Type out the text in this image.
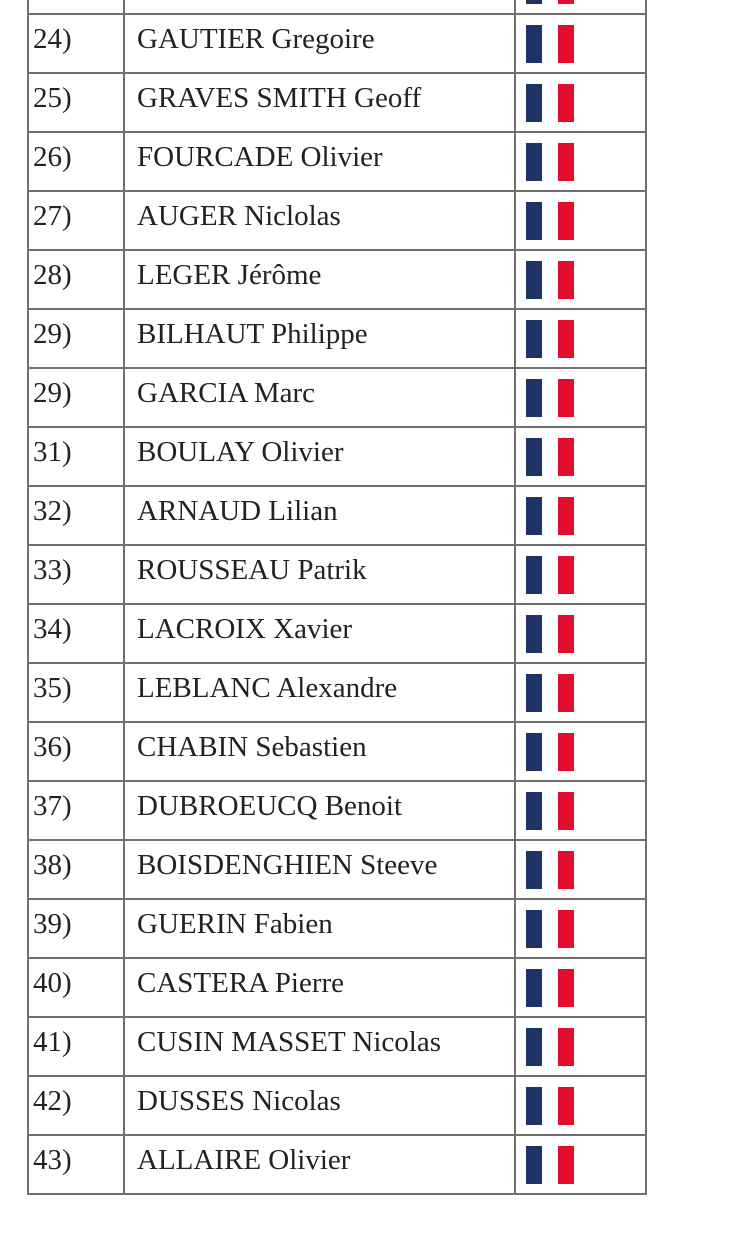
24)	GAUTIER Gregoire	

25)	GRAVES SMITH Geoff	

26)	FOURCADE Olivier	

27)	AUGER Niclolas	

28)	LEGER Jérôme	

29)	BILHAUT Philippe	

29)	GARCIA Marc	

31)	BOULAY Olivier	

32)	ARNAUD Lilian	

33)	ROUSSEAU Patrik	

34)	LACROIX Xavier	

35)	LEBLANC Alexandre	

36)	CHABIN Sebastien	

37)	DUBROEUCQ Benoit	

38)	BOISDENGHIEN Steeve	

39)	GUERIN Fabien	

40)	CASTERA Pierre	

41)	CUSIN MASSET Nicolas	

42)	DUSSES Nicolas	

43)	ALLAIRE Olivier	
